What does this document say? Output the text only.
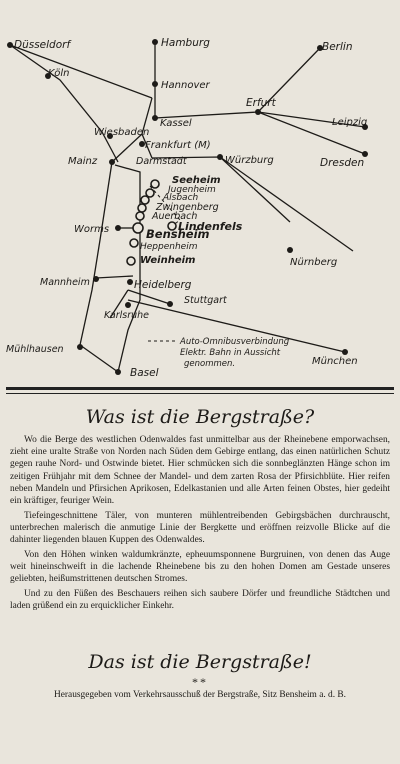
Düsseldorf
Köln
Hamburg
Hannover
Berlin
Erfurt
Kassel	Leipzig
Wiesbaden
Frankfurt (M)
Mainz	Darmstadt	Würzburg	Dresden
Seeheim
Jugenheim
Alsbach
Zwingenberg
Auerbach
Lindenfels
Worms	Bensheim
Heppenheim
Weinheim	Nürnberg
Mannheim	Heidelberg
Stuttgart
Karlsruhe
Mühlhausen
Basel
München
Auto-Omnibusverbindung
Elektr. Bahn in Aussicht
genommen.
Was ist die Bergstraße?

Wo die Berge des westlichen Odenwaldes fast unmittelbar aus der Rheinebene emporwachsen, zieht eine uralte Straße von Norden nach Süden dem Gebirge entlang, das einen natürlichen Schutz gegen rauhe Nord- und Ostwinde bietet. Hier schmücken sich die sonnbeglänzten Hänge schon im zeitigen Frühjahr mit dem Schnee der Mandel- und dem zarten Rosa der Pfirsichblüte. Hier reifen neben Mandeln und Pfirsichen Aprikosen, Edelkastanien und alle Arten feinen Obstes, hier gedeiht ein kräftiger, feuriger Wein.

Tiefeingeschnittene Täler, von munteren mühlentreibenden Gebirgsbächen durchrauscht, unterbrechen malerisch die anmutige Linie der Bergkette und eröffnen reizvolle Blicke auf die dahinter liegenden blauen Kuppen des Odenwaldes.

Von den Höhen winken waldumkränzte, epheuumsponnene Burgruinen, von denen das Auge weit hineinschweift in die lachende Rheinebene bis zu den hohen Domen am Gestade unseres geliebten, heißumstrittenen deutschen Stromes.

Und zu den Füßen des Beschauers reihen sich saubere Dörfer und freundliche Städtchen und laden grüßend ein zu erquicklicher Einkehr.

Das ist die Bergstraße!
**
Herausgegeben vom Verkehrsausschuß der Bergstraße, Sitz Bensheim a. d. B.
